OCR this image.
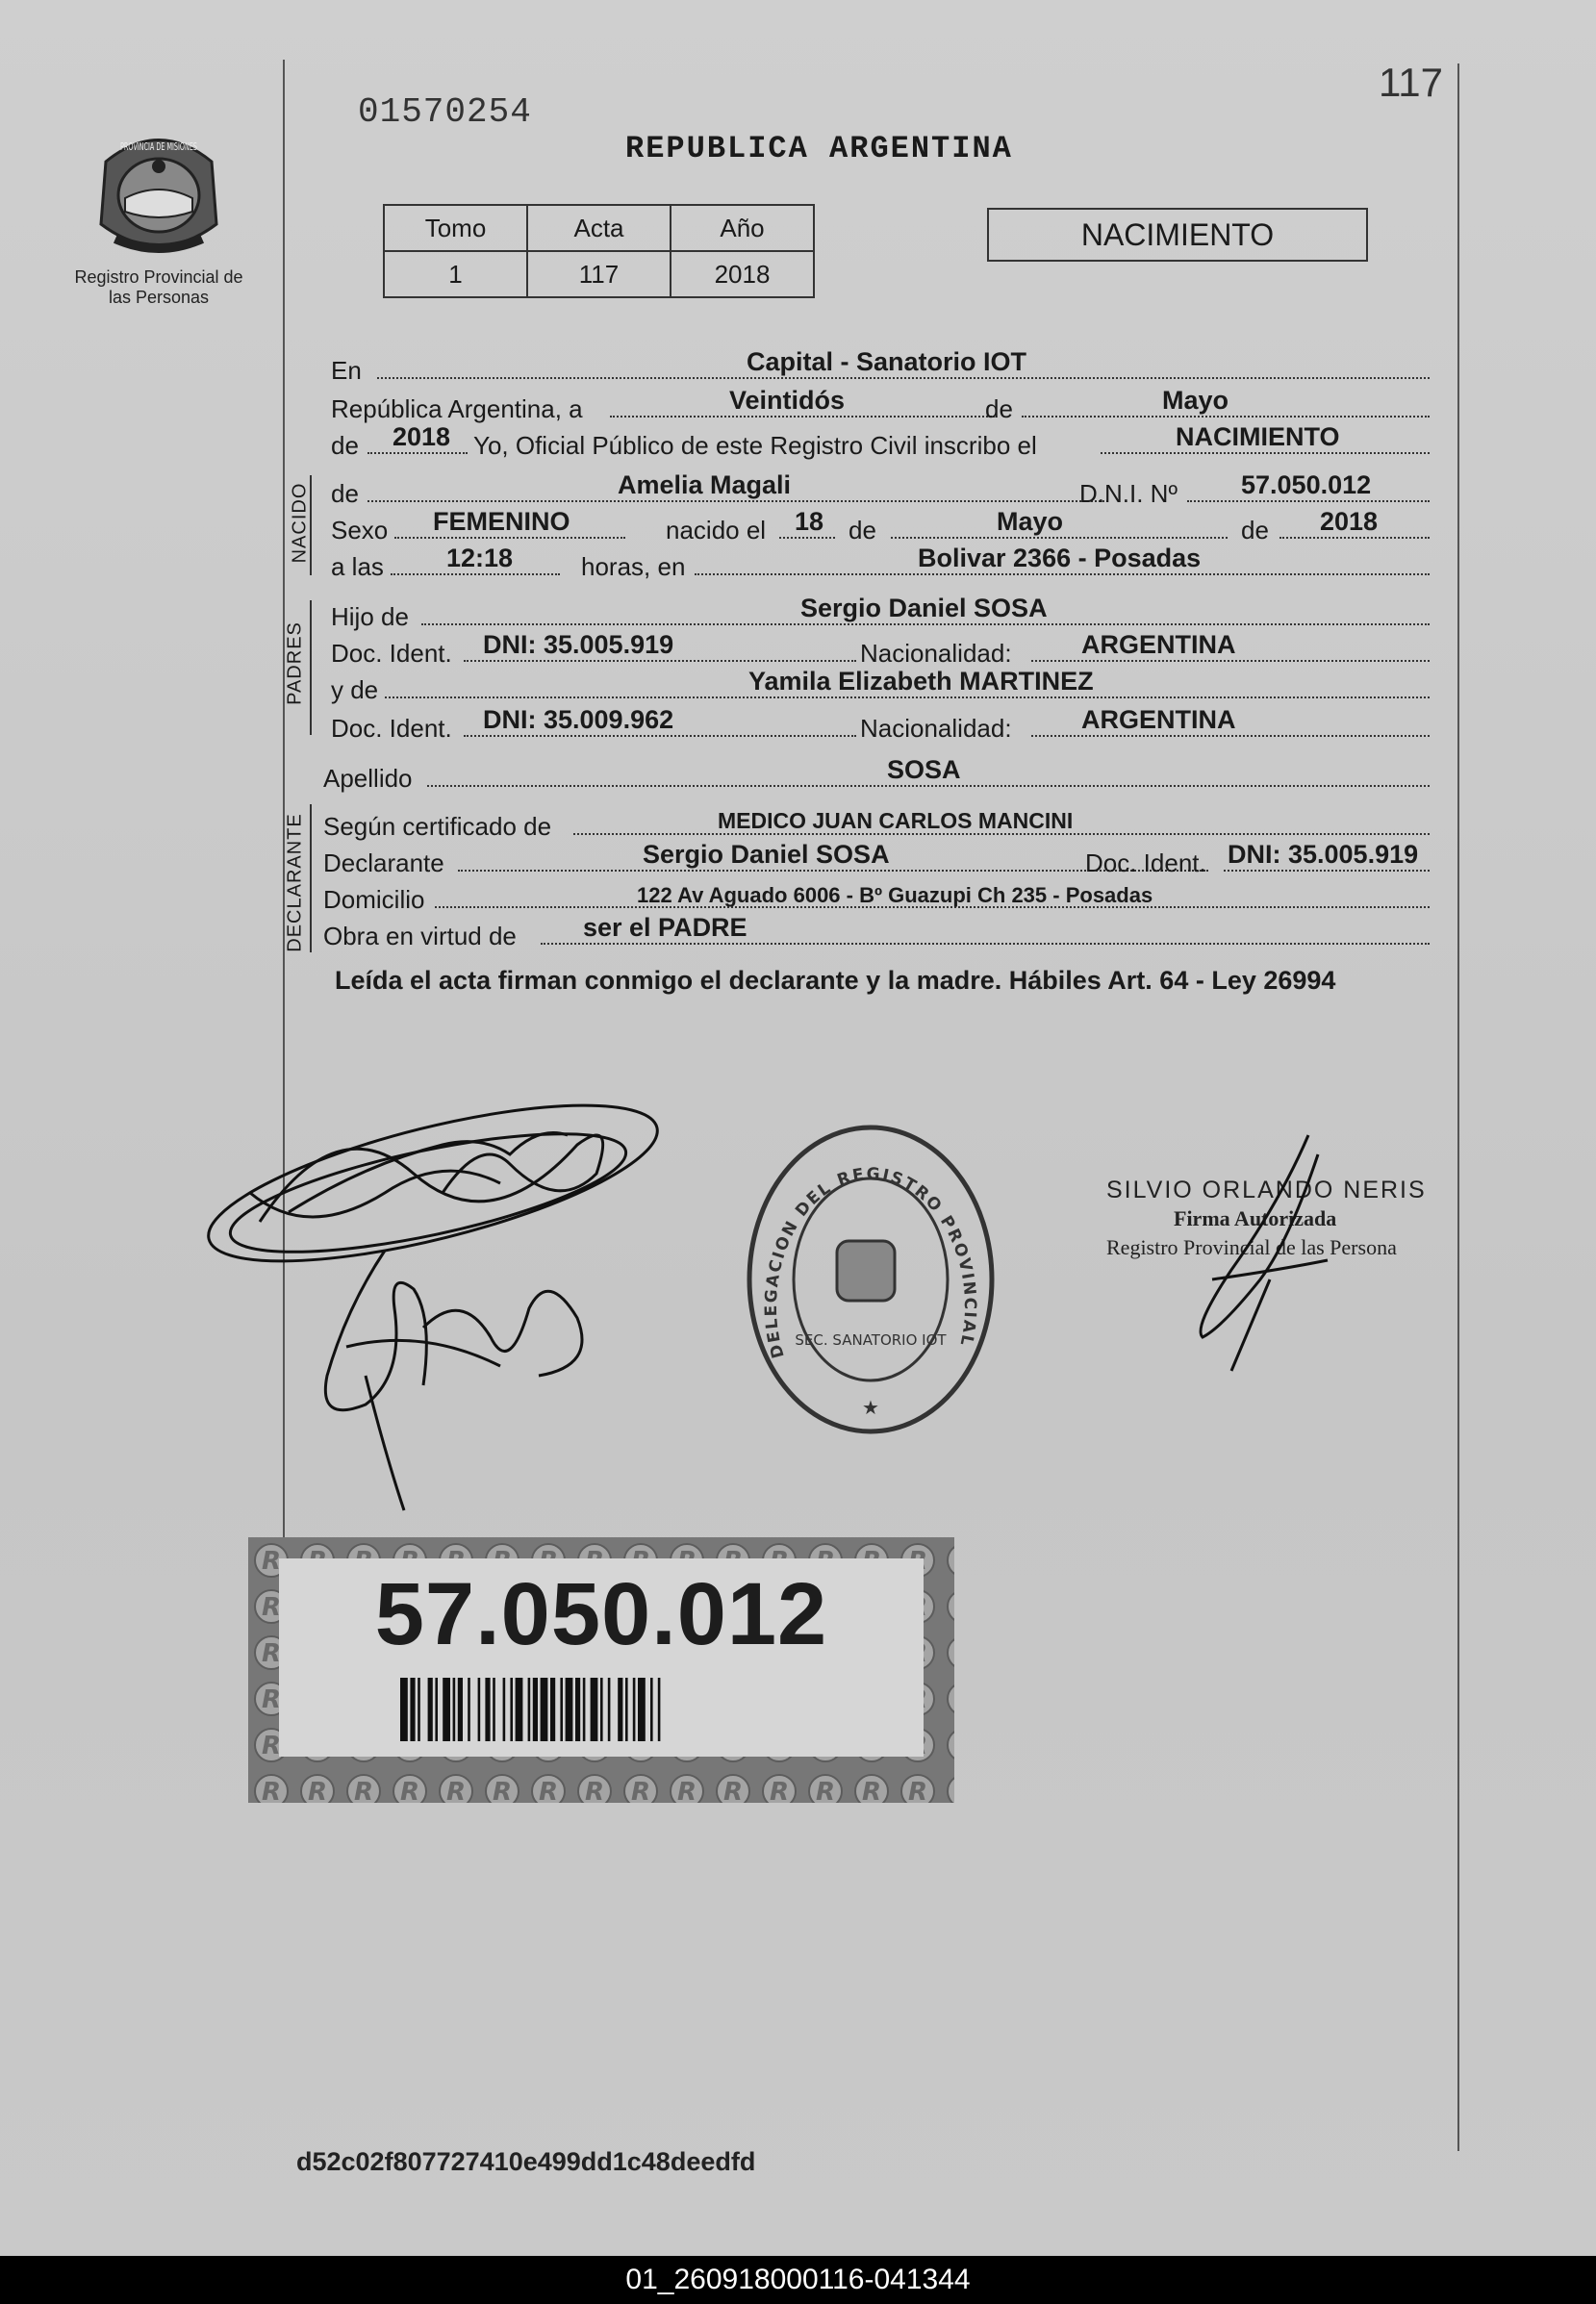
01570254
117
REPUBLICA ARGENTINA
PROVINCIA DE MISIONES
Registro Provincial de las Personas
Tomo	Acta	Año
1	117	2018
NACIMIENTO
En	Capital - Sanatorio IOT
República Argentina, a	Veintidós	de	Mayo
de 2018 Yo, Oficial Público de este Registro Civil inscribo el	NACIMIENTO
NACIDO de	Amelia Magali	D.N.I. Nº 57.050.012
Sexo FEMENINO	nacido el 18 de	Mayo	de 2018
a las 12:18	horas, en	Bolivar 2366 - Posadas
PADRES
Hijo de	Sergio Daniel SOSA
Doc. Ident. DNI: 35.005.919	Nacionalidad:	ARGENTINA
y de	Yamila Elizabeth MARTINEZ
Doc. Ident. DNI: 35.009.962	Nacionalidad:	ARGENTINA
Apellido	SOSA
DECLARANTE Según certificado de	MEDICO JUAN CARLOS MANCINI
Declarante	Sergio Daniel SOSA	Doc. Ident. DNI: 35.005.919
Domicilio	122 Av Aguado 6006 - Bº Guazupi Ch 235 - Posadas
Obra en virtud de	ser el PADRE
Leída el acta firman conmigo el declarante y la madre. Hábiles Art. 64 - Ley 26994
DELEGACION DEL REGISTRO PROVINCIAL DE LAS PERSONAS
SEC. SANATORIO IOT
★
SILVIO ORLANDO NERIS
Firma Autorizada
Registro Provincial de las Persona
57.050.012
d52c02f807727410e499dd1c48deedfd
01_260918000116-041344
